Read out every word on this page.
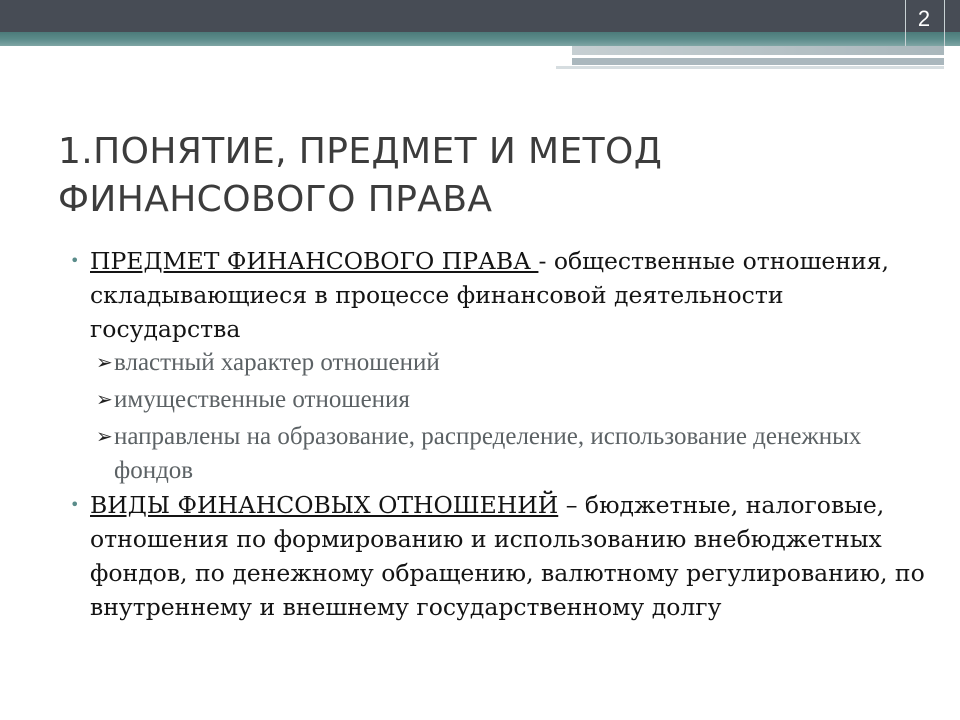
2
1.ПОНЯТИЕ, ПРЕДМЕТ И МЕТОД ФИНАНСОВОГО ПРАВА
• ПРЕДМЕТ ФИНАНСОВОГО ПРАВА - общественные отношения, складывающиеся в процессе финансовой деятельности государства
➢ властный характер отношений
➢ имущественные отношения
➢ направлены на образование, распределение, использование денежных фондов
• ВИДЫ ФИНАНСОВЫХ ОТНОШЕНИЙ – бюджетные, налоговые, отношения по формированию и использованию внебюджетных фондов, по денежному обращению, валютному регулированию, по внутреннему и внешнему государственному долгу
